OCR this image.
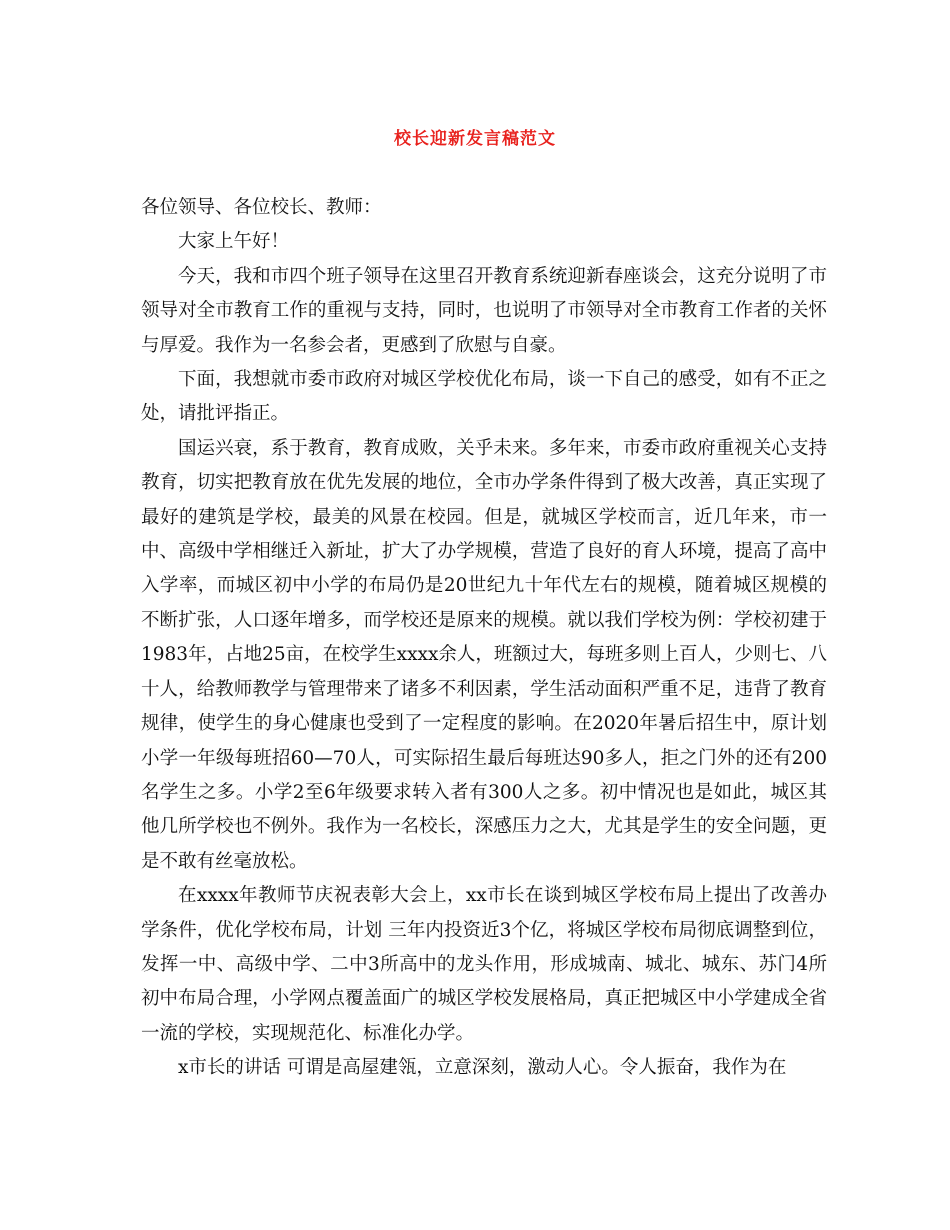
校长迎新发言稿范文

各位领导、各位校长、教师：

大家上午好！

今天，我和市四个班子领导在这里召开教育系统迎新春座谈会，这充分说明了市领导对全市教育工作的重视与支持，同时，也说明了市领导对全市教育工作者的关怀与厚爱。我作为一名参会者，更感到了欣慰与自豪。

下面，我想就市委市政府对城区学校优化布局，谈一下自己的感受，如有不正之处，请批评指正。

国运兴衰，系于教育，教育成败，关乎未来。多年来，市委市政府重视关心支持教育，切实把教育放在优先发展的地位，全市办学条件得到了极大改善，真正实现了最好的建筑是学校，最美的风景在校园。但是，就城区学校而言，近几年来，市一中、高级中学相继迁入新址，扩大了办学规模，营造了良好的育人环境，提高了高中入学率，而城区初中小学的布局仍是20世纪九十年代左右的规模，随着城区规模的不断扩张，人口逐年增多，而学校还是原来的规模。就以我们学校为例：学校初建于1983年，占地25亩，在校学生xxxx余人，班额过大，每班多则上百人，少则七、八十人，给教师教学与管理带来了诸多不利因素，学生活动面积严重不足，违背了教育规律，使学生的身心健康也受到了一定程度的影响。在2020年暑后招生中，原计划 小学一年级每班招60—70人，可实际招生最后每班达90多人，拒之门外的还有200名学生之多。小学2至6年级要求转入者有300人之多。初中情况也是如此，城区其他几所学校也不例外。我作为一名校长，深感压力之大，尤其是学生的安全问题，更是不敢有丝毫放松。

在xxxx年教师节庆祝表彰大会上，xx市长在谈到城区学校布局上提出了改善办学条件，优化学校布局，计划 三年内投资近3个亿，将城区学校布局彻底调整到位，发挥一中、高级中学、二中3所高中的龙头作用，形成城南、城北、城东、苏门4所初中布局合理，小学网点覆盖面广的城区学校发展格局，真正把城区中小学建成全省一流的学校，实现规范化、标准化办学。

x市长的讲话 可谓是高屋建瓴，立意深刻，激动人心。令人振奋，我作为在
